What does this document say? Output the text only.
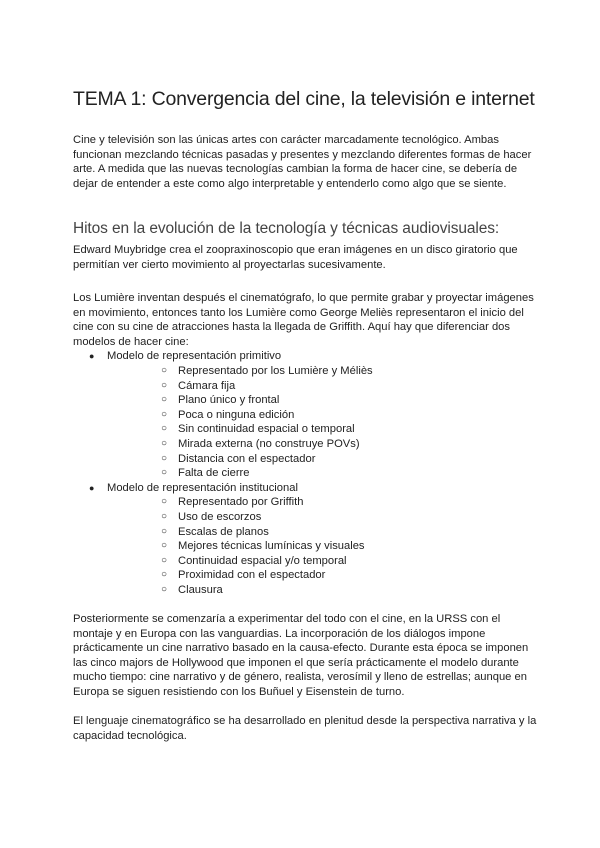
TEMA 1: Convergencia del cine, la televisión e internet

Cine y televisión son las únicas artes con carácter marcadamente tecnológico. Ambas funcionan mezclando técnicas pasadas y presentes y mezclando diferentes formas de hacer arte. A medida que las nuevas tecnologías cambian la forma de hacer cine, se debería de dejar de entender a este como algo interpretable y entenderlo como algo que se siente.

Hitos en la evolución de la tecnología y técnicas audiovisuales:

Edward Muybridge crea el zoopraxinoscopio que eran imágenes en un disco giratorio que permitían ver cierto movimiento al proyectarlas sucesivamente.

Los Lumière inventan después el cinematógrafo, lo que permite grabar y proyectar imágenes en movimiento, entonces tanto los Lumière como George Meliès representaron el inicio del cine con su cine de atracciones hasta la llegada de Griffith. Aquí hay que diferenciar dos modelos de hacer cine:

● Modelo de representación primitivo
○ Representado por los Lumière y Méliès
○ Cámara fija
○ Plano único y frontal
○ Poca o ninguna edición
○ Sin continuidad espacial o temporal
○ Mirada externa (no construye POVs)
○ Distancia con el espectador
○ Falta de cierre
● Modelo de representación institucional
○ Representado por Griffith
○ Uso de escorzos
○ Escalas de planos
○ Mejores técnicas lumínicas y visuales
○ Continuidad espacial y/o temporal
○ Proximidad con el espectador
○ Clausura

Posteriormente se comenzaría a experimentar del todo con el cine, en la URSS con el montaje y en Europa con las vanguardias. La incorporación de los diálogos impone prácticamente un cine narrativo basado en la causa-efecto. Durante esta época se imponen las cinco majors de Hollywood que imponen el que sería prácticamente el modelo durante mucho tiempo: cine narrativo y de género, realista, verosímil y lleno de estrellas; aunque en Europa se siguen resistiendo con los Buñuel y Eisenstein de turno.

El lenguaje cinematográfico se ha desarrollado en plenitud desde la perspectiva narrativa y la capacidad tecnológica.
